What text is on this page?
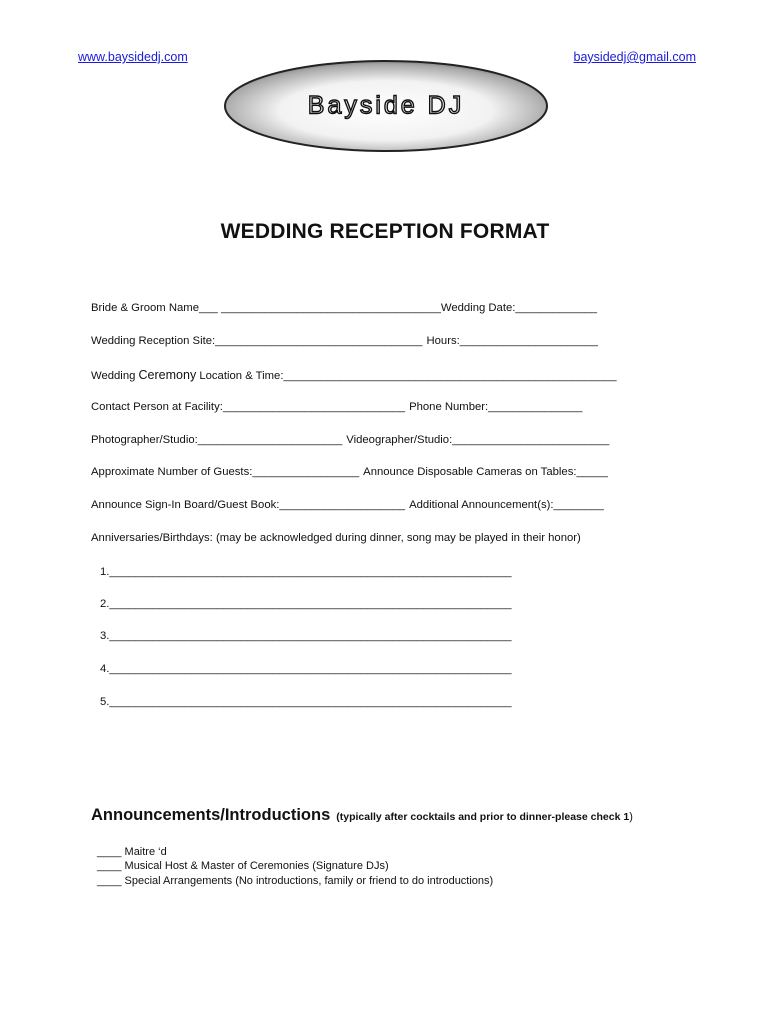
www.baysidedj.com	baysidedj@gmail.com
Bayside DJ
WEDDING RECEPTION FORMAT
Bride & Groom Name___ ___________________________________Wedding Date:_____________
Wedding Reception Site:_________________________________ Hours:______________________
Wedding Ceremony Location & Time:_____________________________________________________
Contact Person at Facility:_____________________________ Phone Number:_______________
Photographer/Studio:_______________________ Videographer/Studio:_________________________
Approximate Number of Guests:_________________ Announce Disposable Cameras on Tables:_____
Announce Sign-In Board/Guest Book:____________________ Additional Announcement(s):________
Anniversaries/Birthdays: (may be acknowledged during dinner, song may be played in their honor)
1.________________________________________________________________
2.________________________________________________________________
3.________________________________________________________________
4.________________________________________________________________
5.________________________________________________________________
Announcements/Introductions (typically after cocktails and prior to dinner-please check 1)
____ Maitre ‘d
____ Musical Host & Master of Ceremonies (Signature DJs)
____ Special Arrangements (No introductions, family or friend to do introductions)
